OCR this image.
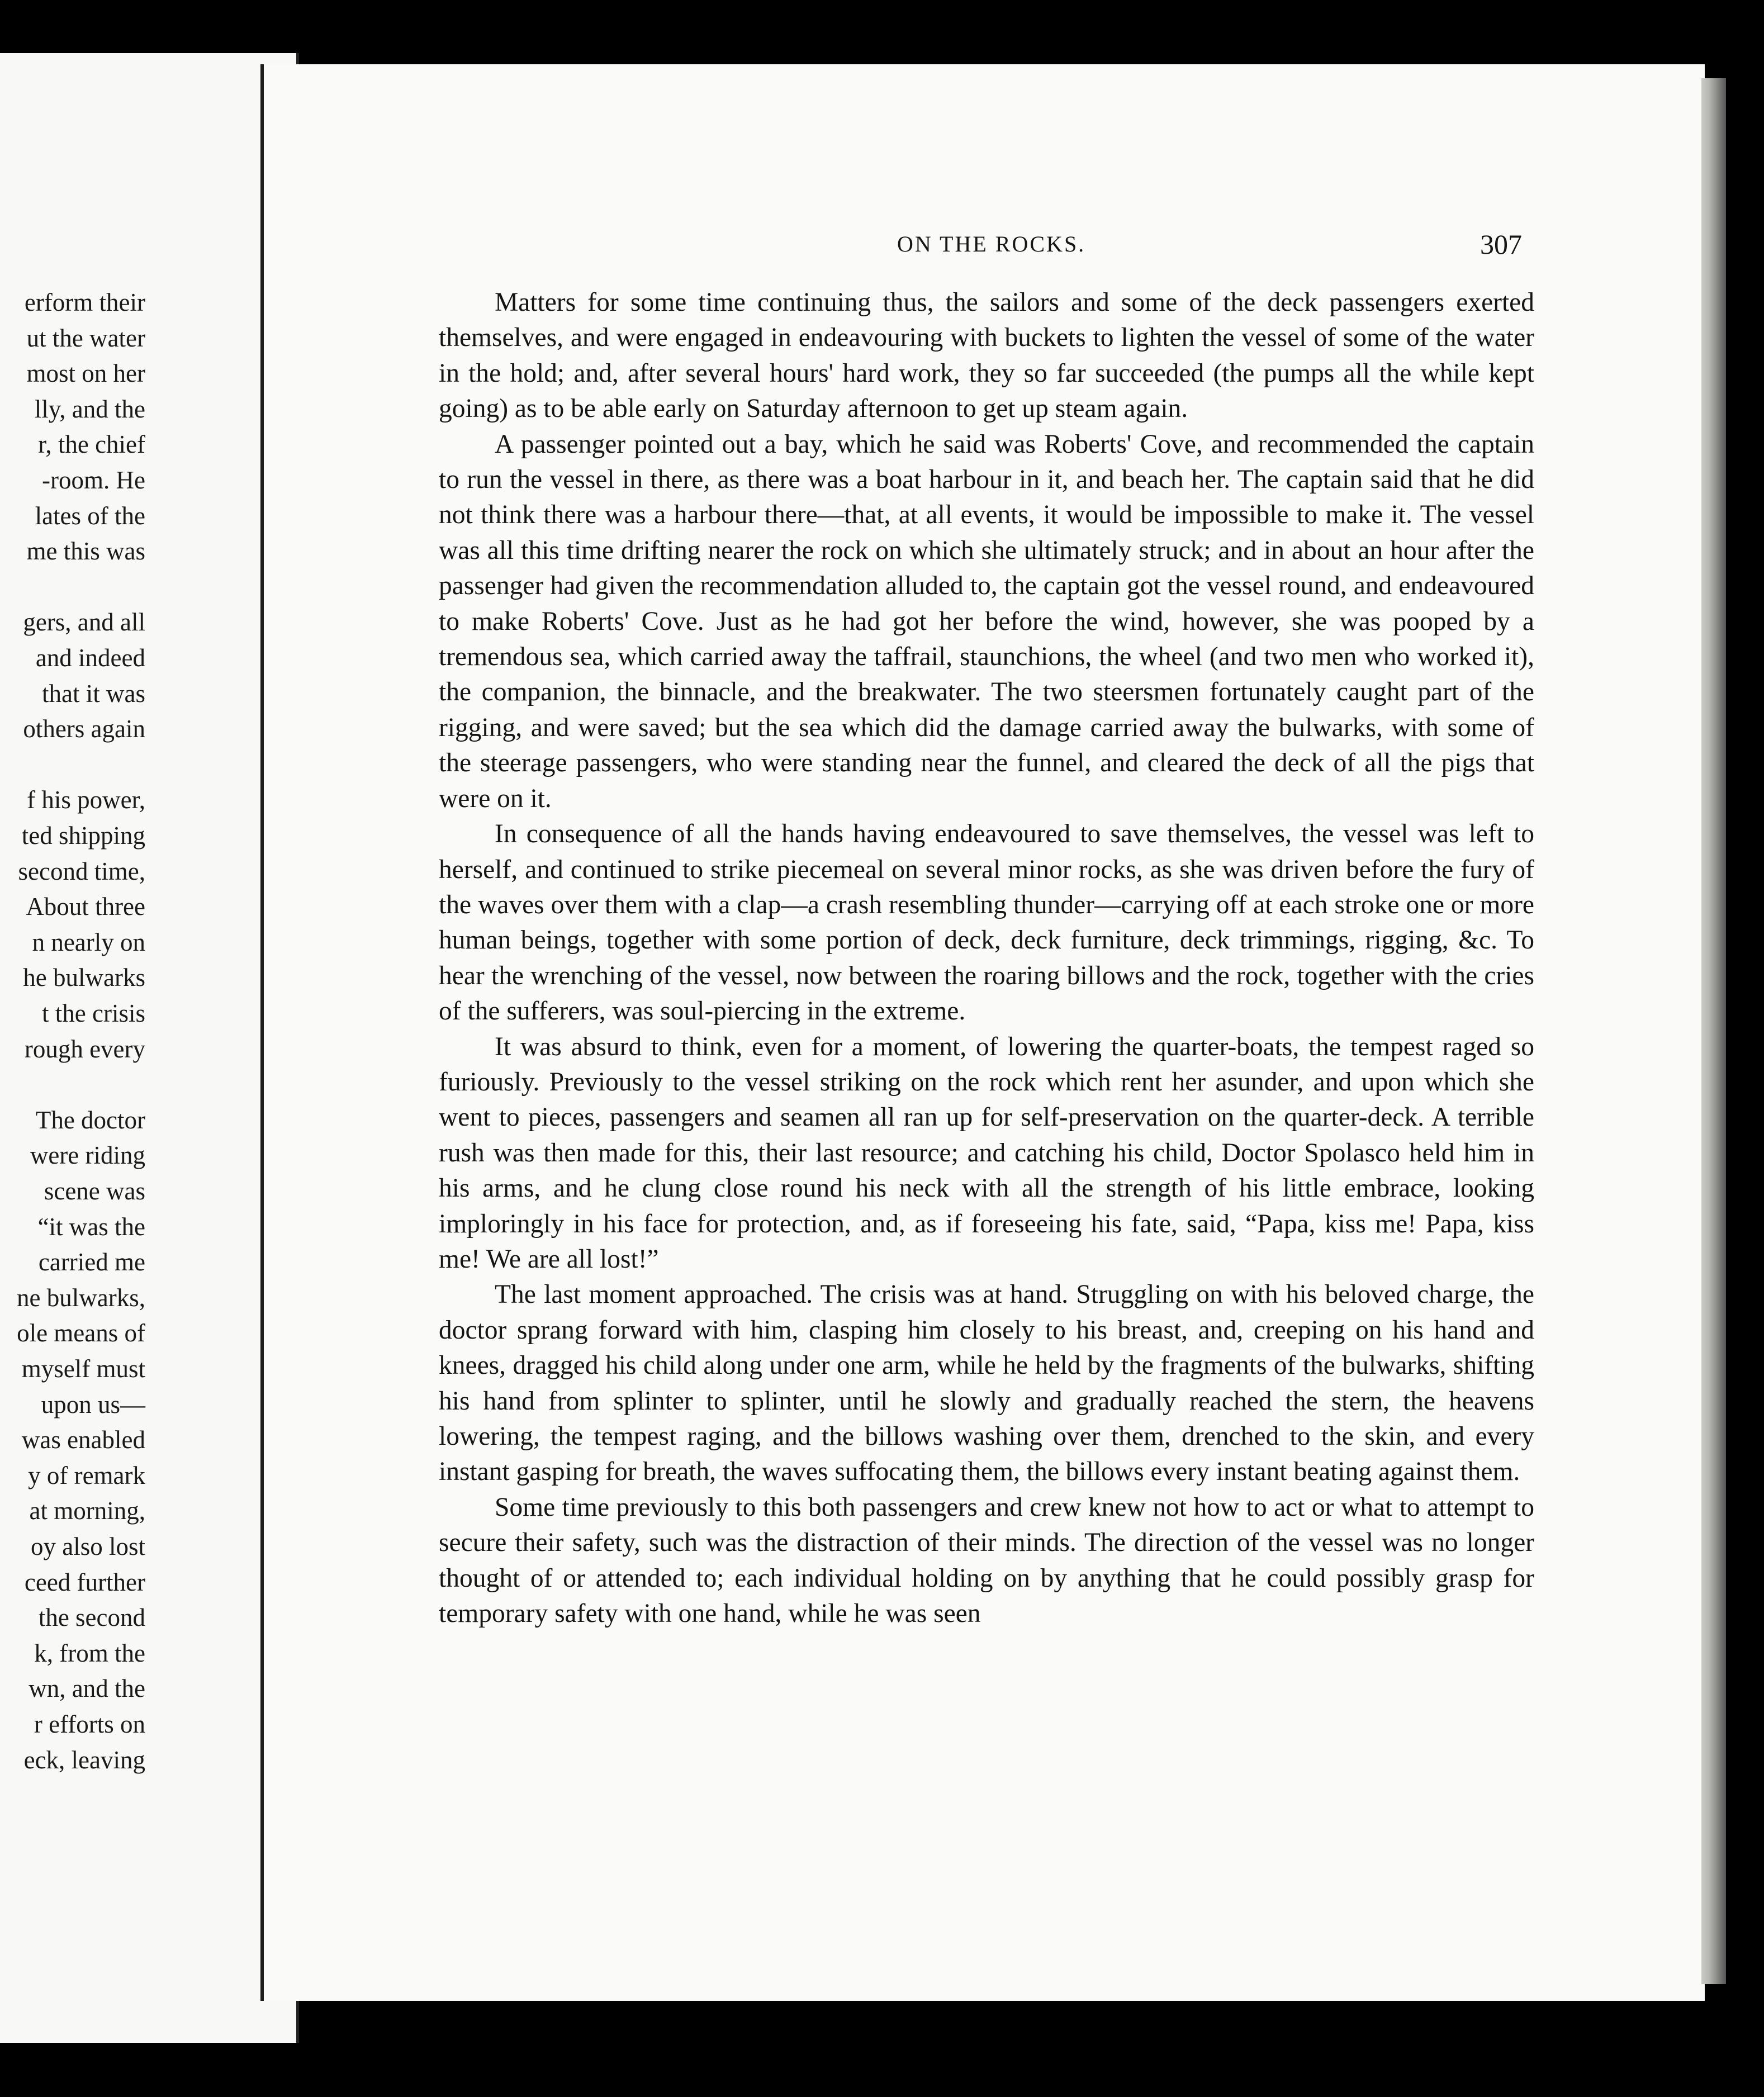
erform their
ut the water
most on her
lly, and the
r, the chief
-room. He
lates of the
me this was
gers, and all
and indeed
that it was
others again
f his power,
ted shipping
second time,
About three
n nearly on
he bulwarks
t the crisis
rough every
The doctor
were riding
scene was
“it was the
carried me
ne bulwarks,
ole means of
myself must
upon us—
was enabled
y of remark
at morning,
oy also lost
ceed further
the second
k, from the
wn, and the
r efforts on
eck, leaving
ON THE ROCKS.	307

Matters for some time continuing thus, the sailors and some of the deck passengers exerted themselves, and were engaged in endeavouring with buckets to lighten the vessel of some of the water in the hold; and, after several hours' hard work, they so far succeeded (the pumps all the while kept going) as to be able early on Saturday afternoon to get up steam again.

A passenger pointed out a bay, which he said was Roberts' Cove, and recommended the captain to run the vessel in there, as there was a boat harbour in it, and beach her. The captain said that he did not think there was a harbour there—that, at all events, it would be impossible to make it. The vessel was all this time drifting nearer the rock on which she ultimately struck; and in about an hour after the passenger had given the recommendation alluded to, the captain got the vessel round, and endeavoured to make Roberts' Cove. Just as he had got her before the wind, however, she was pooped by a tremendous sea, which carried away the taffrail, staunchions, the wheel (and two men who worked it), the companion, the binnacle, and the breakwater. The two steersmen fortunately caught part of the rigging, and were saved; but the sea which did the damage carried away the bulwarks, with some of the steerage passengers, who were standing near the funnel, and cleared the deck of all the pigs that were on it.

In consequence of all the hands having endeavoured to save themselves, the vessel was left to herself, and continued to strike piecemeal on several minor rocks, as she was driven before the fury of the waves over them with a clap—a crash resembling thunder—carrying off at each stroke one or more human beings, together with some portion of deck, deck furniture, deck trimmings, rigging, &c. To hear the wrenching of the vessel, now between the roaring billows and the rock, together with the cries of the sufferers, was soul-piercing in the extreme.

It was absurd to think, even for a moment, of lowering the quarter-boats, the tempest raged so furiously. Previously to the vessel striking on the rock which rent her asunder, and upon which she went to pieces, passengers and seamen all ran up for self-preservation on the quarter-deck. A terrible rush was then made for this, their last resource; and catching his child, Doctor Spolasco held him in his arms, and he clung close round his neck with all the strength of his little embrace, looking imploringly in his face for protection, and, as if foreseeing his fate, said, “Papa, kiss me! Papa, kiss me! We are all lost!”

The last moment approached. The crisis was at hand. Struggling on with his beloved charge, the doctor sprang forward with him, clasping him closely to his breast, and, creeping on his hand and knees, dragged his child along under one arm, while he held by the fragments of the bulwarks, shifting his hand from splinter to splinter, until he slowly and gradually reached the stern, the heavens lowering, the tempest raging, and the billows washing over them, drenched to the skin, and every instant gasping for breath, the waves suffocating them, the billows every instant beating against them.

Some time previously to this both passengers and crew knew not how to act or what to attempt to secure their safety, such was the distraction of their minds. The direction of the vessel was no longer thought of or attended to; each individual holding on by anything that he could possibly grasp for temporary safety with one hand, while he was seen
